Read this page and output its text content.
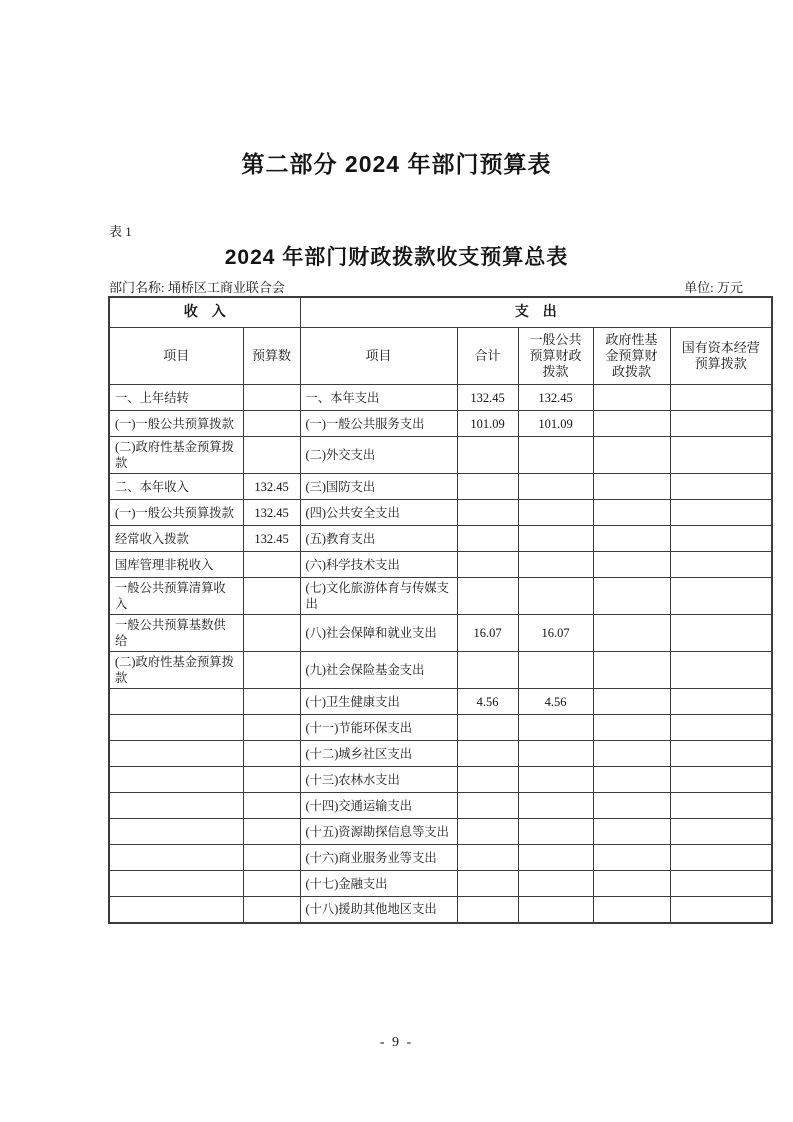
第二部分 2024 年部门预算表
表 1
2024 年部门财政拨款收支预算总表
部门名称: 埇桥区工商业联合会	单位: 万元
收　入		支　出				
项目	预算数	项目	合计	一般公共预算财政拨款	政府性基金预算财政拨款	国有资本经营预算拨款
一、上年结转		一、本年支出	132.45	132.45		
(一)一般公共预算拨款		(一)一般公共服务支出	101.09	101.09		
(二)政府性基金预算拨款		(二)外交支出				
二、本年收入	132.45	(三)国防支出				
(一)一般公共预算拨款	132.45	(四)公共安全支出				
经常收入拨款	132.45	(五)教育支出				
国库管理非税收入		(六)科学技术支出				
一般公共预算清算收入		(七)文化旅游体育与传媒支出				
一般公共预算基数供给		(八)社会保障和就业支出	16.07	16.07		
(二)政府性基金预算拨款		(九)社会保险基金支出				
		(十)卫生健康支出	4.56	4.56		
		(十一)节能环保支出				
		(十二)城乡社区支出				
		(十三)农林水支出				
		(十四)交通运输支出				
		(十五)资源勘探信息等支出				
		(十六)商业服务业等支出				
		(十七)金融支出				
		(十八)援助其他地区支出				
- 9 -
